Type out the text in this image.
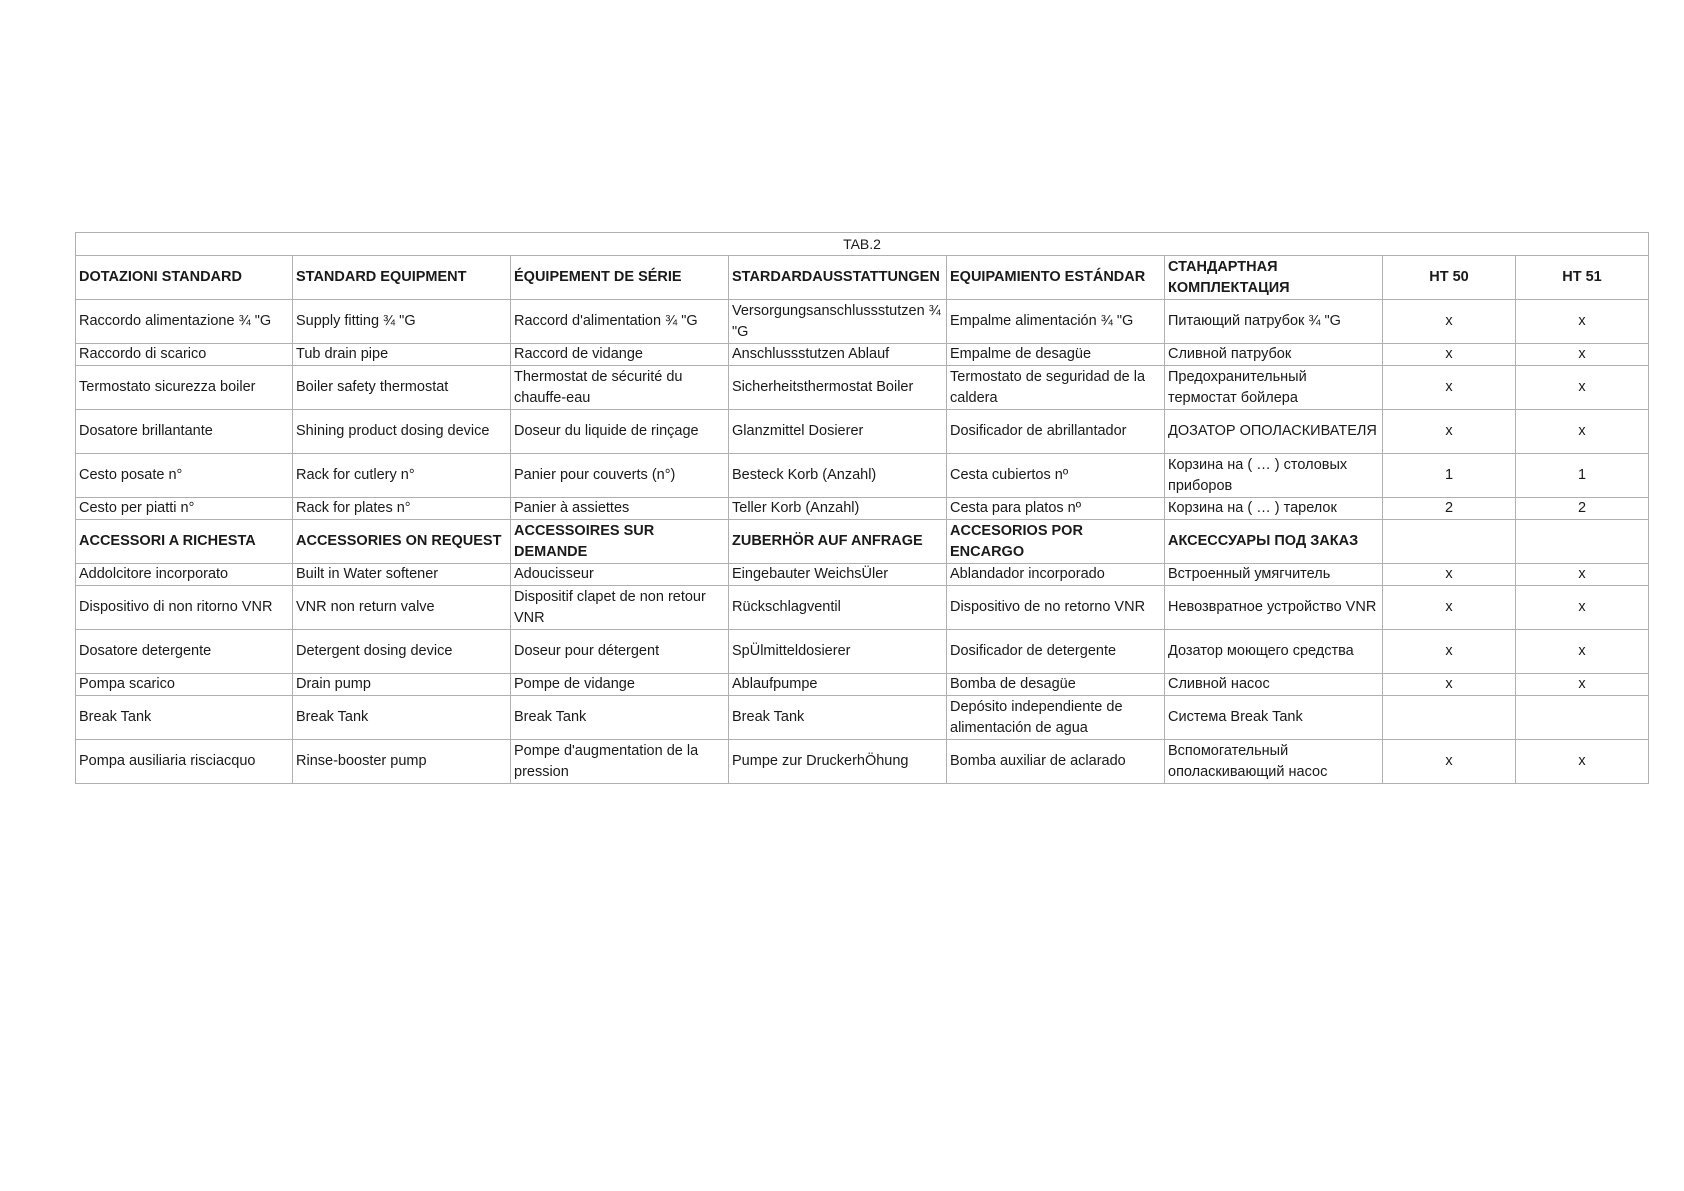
TAB.2							
DOTAZIONI STANDARD	STANDARD EQUIPMENT	ÉQUIPEMENT DE SÉRIE	STARDARDAUSSTATTUNGEN	EQUIPAMIENTO ESTÁNDAR	СТАНДАРТНАЯ КОМПЛЕКТАЦИЯ	HT 50	HT 51
Raccordo alimentazione ¾ "G	Supply fitting ¾ "G	Raccord d'alimentation ¾ "G	Versorgungsanschlussstutzen ¾ "G	Empalme alimentación ¾ "G	Питающий патрубок ¾ "G	x	x
Raccordo di scarico	Tub drain pipe	Raccord de vidange	Anschlussstutzen Ablauf	Empalme de desagüe	Сливной патрубок	x	x
Termostato sicurezza boiler	Boiler safety thermostat	Thermostat de sécurité du chauffe-eau	Sicherheitsthermostat Boiler	Termostato de seguridad de la caldera	Предохранительный термостат бойлера	x	x
Dosatore brillantante	Shining product dosing device	Doseur du liquide de rinçage	Glanzmittel Dosierer	Dosificador de abrillantador	ДОЗАТОР ОПОЛАСКИВАТЕЛЯ	x	x
Cesto posate n°	Rack for cutlery n°	Panier pour couverts (n°)	Besteck Korb (Anzahl)	Cesta cubiertos nº	Корзина на ( … ) столовых приборов	1	1
Cesto per piatti n°	Rack for plates n°	Panier à assiettes	Teller Korb (Anzahl)	Cesta para platos nº	Корзина на ( … ) тарелок	2	2
ACCESSORI A RICHESTA	ACCESSORIES ON REQUEST	ACCESSOIRES SUR DEMANDE	ZUBERHÖR AUF ANFRAGE	ACCESORIOS POR ENCARGO	АКСЕССУАРЫ ПОД ЗАКАЗ		
Addolcitore incorporato	Built in Water softener	Adoucisseur	Eingebauter WeichsÜler	Ablandador incorporado	Встроенный умягчитель	x	x
Dispositivo di non ritorno VNR	VNR non return valve	Dispositif clapet de non retour VNR	Rückschlagventil	Dispositivo de no retorno VNR	Невозвратное устройство VNR	x	x
Dosatore detergente	Detergent dosing device	Doseur pour détergent	SpÜlmitteldosierer	Dosificador de detergente	Дозатор моющего средства	x	x
Pompa scarico	Drain pump	Pompe de vidange	Ablaufpumpe	Bomba de desagüe	Сливной насос	x	x
Break Tank	Break Tank	Break Tank	Break Tank	Depósito independiente de alimentación de agua	Система Break Tank		
Pompa ausiliaria risciacquo	Rinse-booster pump	Pompe d'augmentation de la pression	Pumpe zur DruckerhÖhung	Bomba auxiliar de aclarado	Вспомогательный ополаскивающий насос	x	x
